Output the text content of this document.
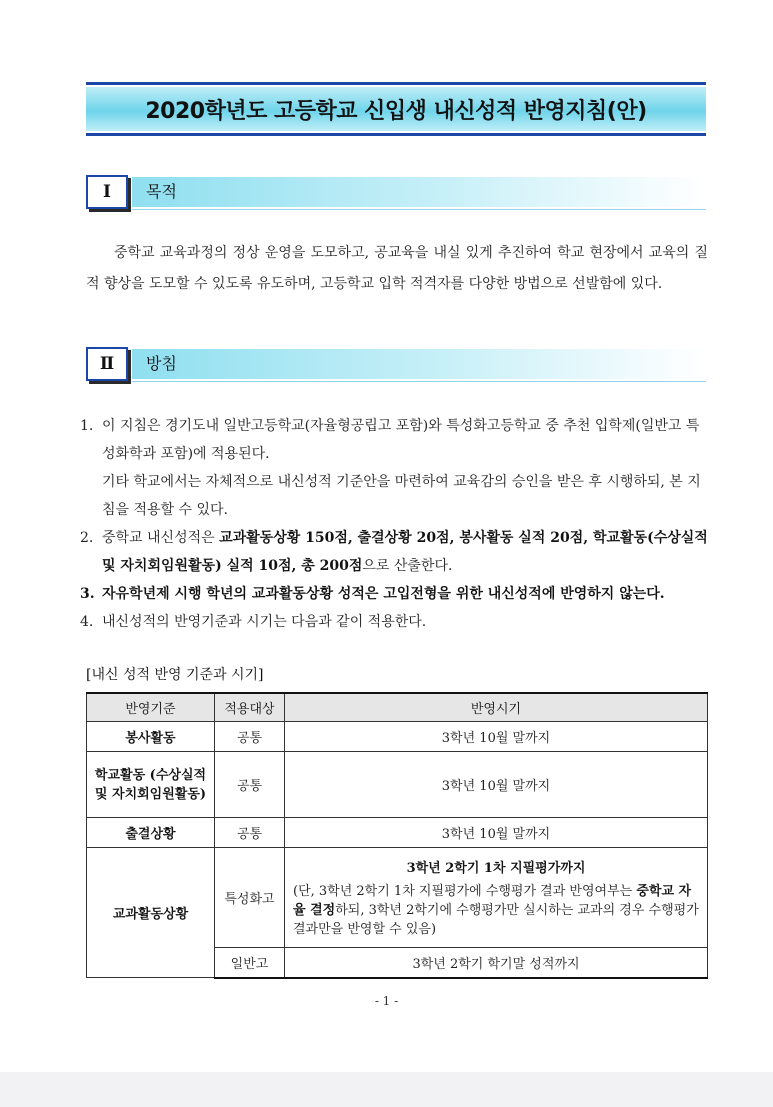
2020학년도 고등학교 신입생 내신성적 반영지침(안)
Ⅰ	목적
중학교 교육과정의 정상 운영을 도모하고, 공교육을 내실 있게 추진하여 학교 현장에서 교육의 질적 향상을 도모할 수 있도록 유도하며, 고등학교 입학 적격자를 다양한 방법으로 선발함에 있다.
Ⅱ	방침
1. 이 지침은 경기도내 일반고등학교(자율형공립고 포함)와 특성화고등학교 중 추천 입학제(일반고 특성화학과 포함)에 적용된다.
기타 학교에서는 자체적으로 내신성적 기준안을 마련하여 교육감의 승인을 받은 후 시행하되, 본 지침을 적용할 수 있다.
2. 중학교 내신성적은 교과활동상황 150점, 출결상황 20점, 봉사활동 실적 20점, 학교활동(수상실적 및 자치회임원활동) 실적 10점, 총 200점으로 산출한다.
3. 자유학년제 시행 학년의 교과활동상황 성적은 고입전형을 위한 내신성적에 반영하지 않는다.
4. 내신성적의 반영기준과 시기는 다음과 같이 적용한다.
[내신 성적 반영 기준과 시기]
반영기준	적용대상	반영시기
봉사활동	공통	3학년 10월 말까지
학교활동 (수상실적 및 자치회임원활동)	공통	3학년 10월 말까지
출결상황	공통	3학년 10월 말까지
교과활동상황	특성화고	3학년 2학기 1차 지필평가까지
(단, 3학년 2학기 1차 지필평가에 수행평가 결과 반영여부는 중학교 자율 결정하되, 3학년 2학기에 수행평가만 실시하는 교과의 경우 수행평가 결과만을 반영할 수 있음)

	일반고	3학년 2학기 학기말 성적까지
- 1 -
